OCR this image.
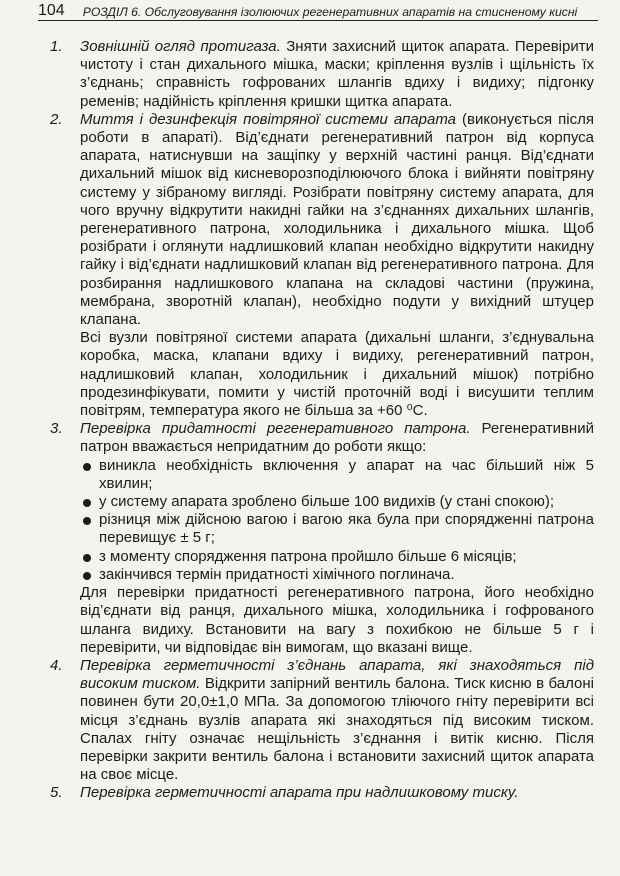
104 РОЗДІЛ 6. Обслуговування ізолюючих регенеративних апаратів на стисненому кисні
1. Зовнішній огляд протигаза. Зняти захисний щиток апарата. Перевірити чистоту і стан дихального мішка, маски; кріплення вузлів і щільність їх з’єднань; справність гофрованих шлангів вдиху і видиху; підгонку ременів; надійність кріплення кришки щитка апарата.

2. Миття і дезинфекція повітряної системи апарата (виконується після роботи в апараті). Від’єднати регенеративний патрон від корпуса апарата, натиснувши на защіпку у верхній частині ранця. Від’єднати дихальний мішок від кисневорозподілюючого блока і вийняти повітряну систему у зібраному вигляді. Розібрати повітряну систему апарата, для чого вручну відкрутити накидні гайки на з’єднаннях дихальних шлангів, регенеративного патрона, холодильника і дихального мішка. Щоб розібрати і оглянути надлишковий клапан необхідно відкрутити накидну гайку і від’єднати надлишковий клапан від регенеративного патрона. Для розбирання надлишкового клапана на складові частини (пружина, мембрана, зворотній клапан), необхідно подути у вихідний штуцер клапана.

Всі вузли повітряної системи апарата (дихальні шланги, з’єднувальна коробка, маска, клапани вдиху і видиху, регенеративний патрон, надлишковий клапан, холодильник і дихальний мішок) потрібно продезинфікувати, помити у чистій проточній воді і висушити теплим повітрям, температура якого не більша за +60 ⁰С.

3. Перевірка придатності регенеративного патрона. Регенеративний патрон вважається непридатним до роботи якщо:

виникла необхідність включення у апарат на час більший ніж 5 хвилин;
у систему апарата зроблено більше 100 видихів (у стані спокою);
різниця між дійсною вагою і вагою яка була при спорядженні патрона перевищує ± 5 г;
з моменту спорядження патрона пройшло більше 6 місяців;
закінчився термін придатності хімічного поглинача.

Для перевірки придатності регенеративного патрона, його необхідно від’єднати від ранця, дихального мішка, холодильника і гофрованого шланга видиху. Встановити на вагу з похибкою не більше 5 г і перевірити, чи відповідає він вимогам, що вказані вище.

4. Перевірка герметичності з’єднань апарата, які знаходяться під високим тиском. Відкрити запірний вентиль балона. Тиск кисню в балоні повинен бути 20,0±1,0 МПа. За допомогою тліючого гніту перевірити всі місця з’єднань вузлів апарата які знаходяться під високим тиском. Спалах гніту означає нещільність з’єднання і витік кисню. Після перевірки закрити вентиль балона і встановити захисний щиток апарата на своє місце.

5. Перевірка герметичності апарата при надлишковому тиску.
